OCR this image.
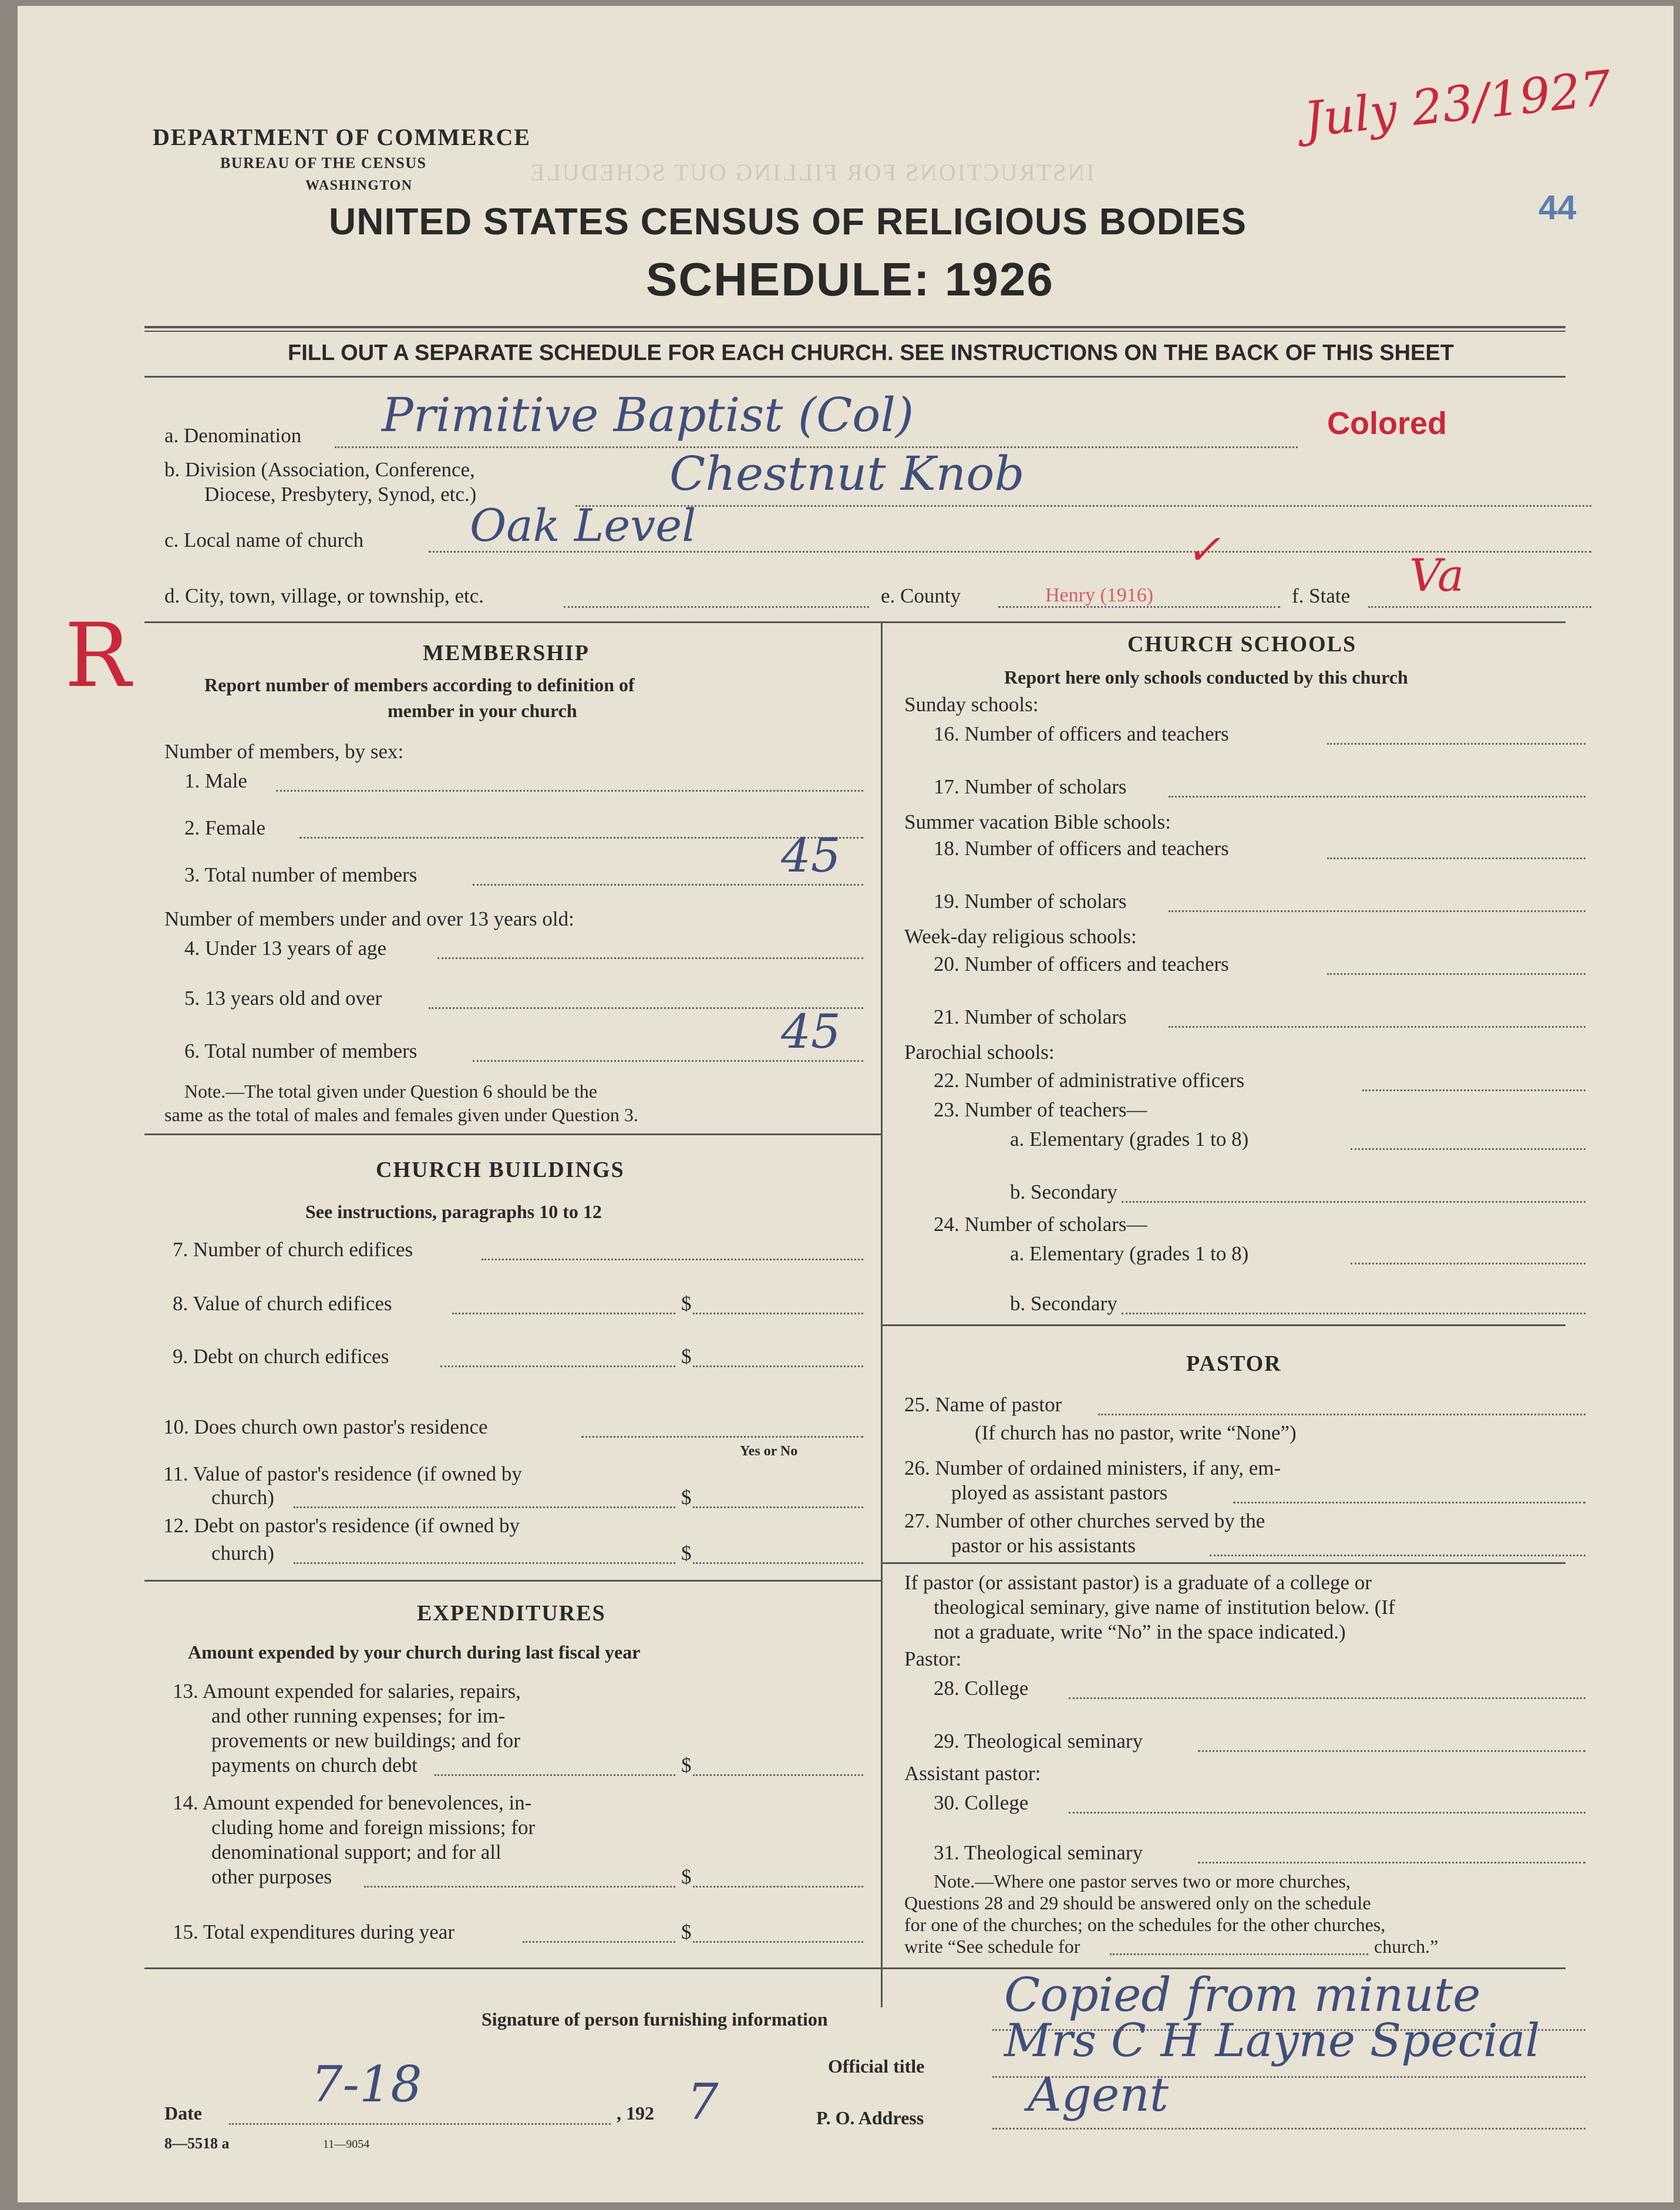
INSTRUCTIONS FOR FILLING OUT SCHEDULE
DEPARTMENT OF COMMERCE
BUREAU OF THE CENSUS
WASHINGTON
July 23/1927
44
UNITED STATES CENSUS OF RELIGIOUS BODIES
SCHEDULE: 1926
FILL OUT A SEPARATE SCHEDULE FOR EACH CHURCH. SEE INSTRUCTIONS ON THE BACK OF THIS SHEET
a. Denomination Primitive Baptist (Col)	Colored
b. Division (Association, Conference,
Diocese, Presbytery, Synod, etc.)	Chestnut Knob
c. Local name of church Oak Level
d. City, town, village, or township, etc.	e. County	Henry (1916)	f. State Va
✓
R	MEMBERSHIP
Report number of members according to definition of
member in your church
Number of members, by sex:
1. Male
2. Female
3. Total number of members	45
Number of members under and over 13 years old:
4. Under 13 years of age
5. 13 years old and over
6. Total number of members	45
Note.—The total given under Question 6 should be the
same as the total of males and females given under Question 3.
CHURCH BUILDINGS
See instructions, paragraphs 10 to 12
7. Number of church edifices
8. Value of church edifices	$
9. Debt on church edifices	$
10. Does church own pastor's residence
Yes or No
11. Value of pastor's residence (if owned by
church)	$
12. Debt on pastor's residence (if owned by
church)	$
EXPENDITURES
Amount expended by your church during last fiscal year
13. Amount expended for salaries, repairs,
and other running expenses; for im-
provements or new buildings; and for
payments on church debt	$
14. Amount expended for benevolences, in-
cluding home and foreign missions; for
denominational support; and for all
other purposes	$
15. Total expenditures during year	$
CHURCH SCHOOLS
Report here only schools conducted by this church
Sunday schools:
16. Number of officers and teachers
17. Number of scholars
Summer vacation Bible schools:
18. Number of officers and teachers
19. Number of scholars
Week-day religious schools:
20. Number of officers and teachers
21. Number of scholars
Parochial schools:
22. Number of administrative officers
23. Number of teachers—
a. Elementary (grades 1 to 8)
b. Secondary
24. Number of scholars—
a. Elementary (grades 1 to 8)
b. Secondary
PASTOR
25. Name of pastor
(If church has no pastor, write “None”)
26. Number of ordained ministers, if any, em-
ployed as assistant pastors
27. Number of other churches served by the
pastor or his assistants
If pastor (or assistant pastor) is a graduate of a college or
theological seminary, give name of institution below. (If
not a graduate, write “No” in the space indicated.)
Pastor:
28. College
29. Theological seminary
Assistant pastor:
30. College
31. Theological seminary
Note.—Where one pastor serves two or more churches,
Questions 28 and 29 should be answered only on the schedule
for one of the churches; on the schedules for the other churches,
write “See schedule for	church.”
Signature of person furnishing information	Copied from minute
Official title Mrs C H Layne Special
Date 7-18	, 192 7	P. O. Address Agent
8—5518 a	11—9054
